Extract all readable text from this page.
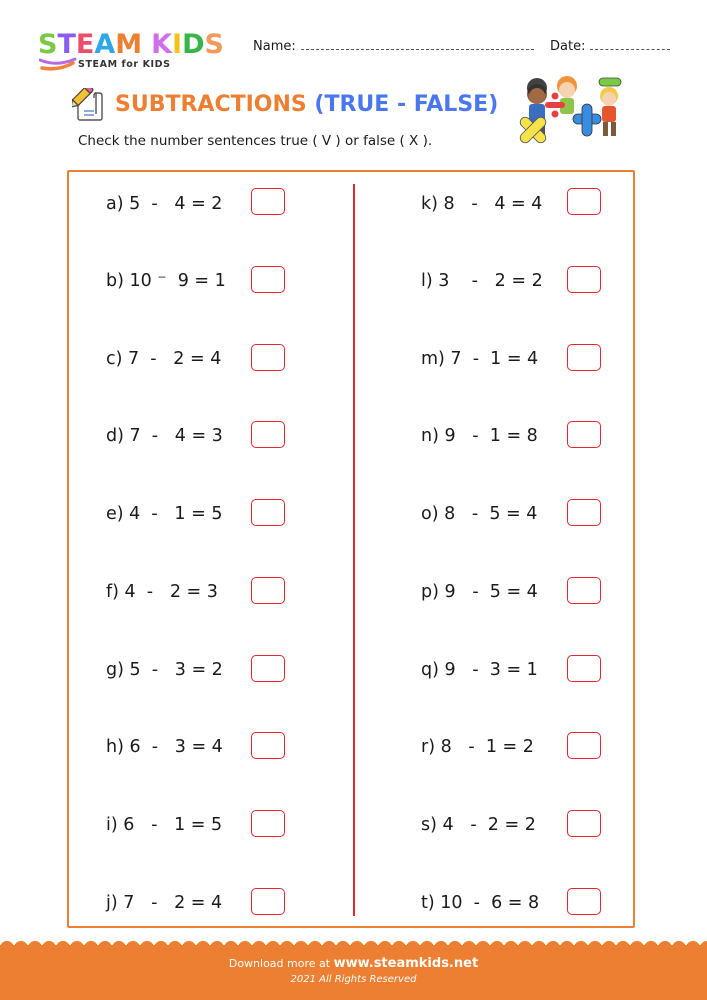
STEAM KIDS
STEAM for KIDS
Name:	Date:
SUBTRACTIONS (TRUE - FALSE)
Check the number sentences true ( V ) or false ( X ).
a) 5  -   4 = 2
b) 10 ⁻  9 = 1
c) 7  -   2 = 4
d) 7  -   4 = 3
e) 4  -   1 = 5
f) 4  -   2 = 3
g) 5  -   3 = 2
h) 6  -   3 = 4
i) 6   -   1 = 5
j) 7   -   2 = 4
k) 8   -   4 = 4
l) 3    -   2 = 2
m) 7  -  1 = 4
n) 9   -  1 = 8
o) 8   -  5 = 4
p) 9   -  5 = 4
q) 9   -  3 = 1
r) 8   -  1 = 2
s) 4   -  2 = 2
t) 10  -  6 = 8
Download more at www.steamkids.net
2021 All Rights Reserved
